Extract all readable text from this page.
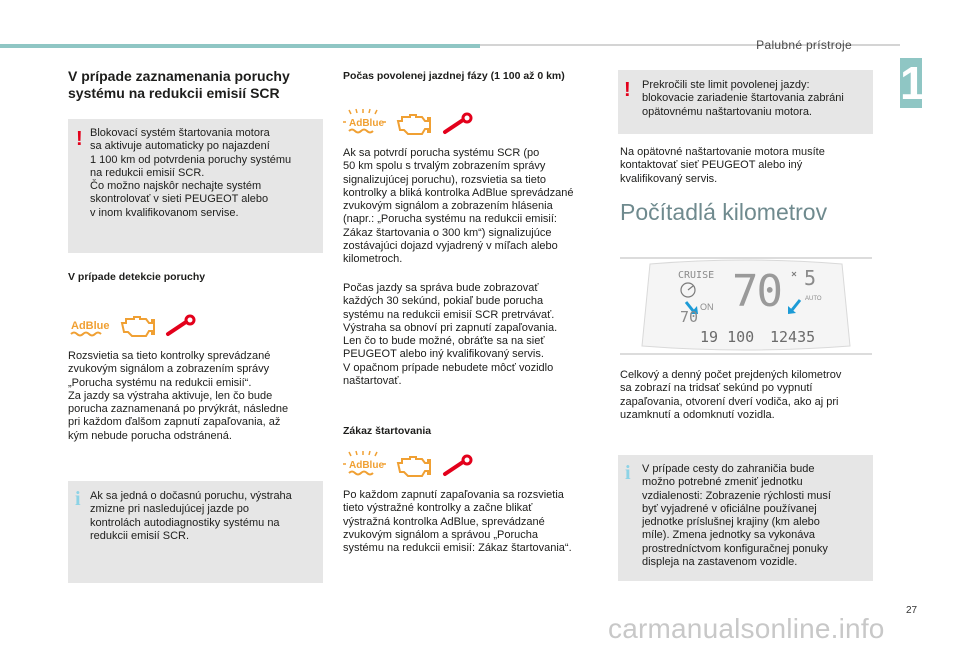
Palubné prístroje
1

V prípade zaznamenania poruchy systému na redukcii emisií SCR

! Blokovací systém štartovania motora
sa aktivuje automaticky po najazdení
1 100 km od potvrdenia poruchy systému
na redukcii emisií SCR.
Čo možno najskôr nechajte systém
skontrolovať v sieti PEUGEOT alebo
v inom kvalifikovanom servise.

V prípade detekcie poruchy
AdBlue

Rozsvietia sa tieto kontrolky sprevádzané
zvukovým signálom a zobrazením správy
„Porucha systému na redukcii emisií“.
Za jazdy sa výstraha aktivuje, len čo bude
porucha zaznamenaná po prvýkrát, následne
pri každom ďalšom zapnutí zapaľovania, až
kým nebude porucha odstránená.

i Ak sa jedná o dočasnú poruchu, výstraha
zmizne pri nasledujúcej jazde po
kontrolách autodiagnostiky systému na
redukcii emisií SCR.

Počas povolenej jazdnej fázy (1 100 až 0 km)
AdBlue

Ak sa potvrdí porucha systému SCR (po
50 km spolu s trvalým zobrazením správy
signalizujúcej poruchu), rozsvietia sa tieto
kontrolky a bliká kontrolka AdBlue sprevádzané
zvukovým signálom a zobrazením hlásenia
(napr.: „Porucha systému na redukcii emisií:
Zákaz štartovania o 300 km“) signalizujúce
zostávajúci dojazd vyjadrený v míľach alebo
kilometroch.

Počas jazdy sa správa bude zobrazovať
každých 30 sekúnd, pokiaľ bude porucha
systému na redukcii emisií SCR pretrvávať.
Výstraha sa obnoví pri zapnutí zapaľovania.
Len čo to bude možné, obráťte sa na sieť
PEUGEOT alebo iný kvalifikovaný servis.
V opačnom prípade nebudete môcť vozidlo
naštartovať.

Zákaz štartovania
AdBlue

Po každom zapnutí zapaľovania sa rozsvietia
tieto výstražné kontrolky a začne blikať
výstražná kontrolka AdBlue, sprevádzané
zvukovým signálom a správou „Porucha
systému na redukcii emisií: Zákaz štartovania“.

! Prekročili ste limit povolenej jazdy:
blokovacie zariadenie štartovania zabráni
opätovnému naštartovaniu motora.

Na opätovné naštartovanie motora musíte
kontaktovať sieť PEUGEOT alebo iný
kvalifikovaný servis.

Počítadlá kilometrov

CRUISE
ON
70 70 5
AUTO
19 100 12435

Celkový a denný počet prejdených kilometrov
sa zobrazí na tridsať sekúnd po vypnutí
zapaľovania, otvorení dverí vodiča, ako aj pri
uzamknutí a odomknutí vozidla.

i V prípade cesty do zahraničia bude
možno potrebné zmeniť jednotku
vzdialenosti: Zobrazenie rýchlosti musí
byť vyjadrené v oficiálne používanej
jednotke príslušnej krajiny (km alebo
míle). Zmena jednotky sa vykonáva
prostredníctvom konfiguračnej ponuky
displeja na zastavenom vozidle.

27
carmanualsonline.info
